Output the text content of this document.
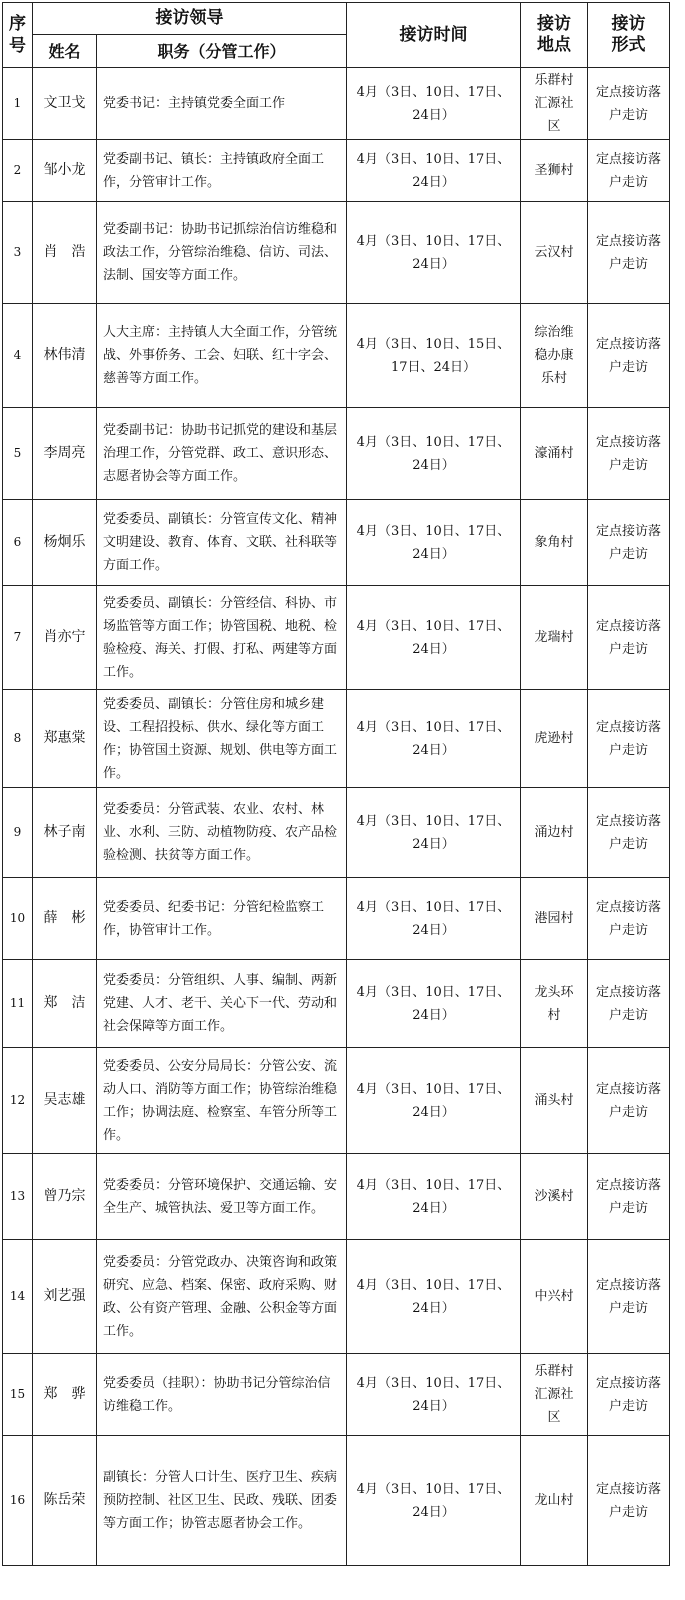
序号	接访领导		接访时间	接访地点	接访形式
	姓名	职务（分管工作）			
1	文卫戈	党委书记：主持镇党委全面工作	4月（3日、10日、17日、24日）	乐群村汇源社区	定点接访落户走访
2	邹小龙	党委副书记、镇长：主持镇政府全面工作，分管审计工作。	4月（3日、10日、17日、24日）	圣狮村	定点接访落户走访
3	肖　浩	党委副书记：协助书记抓综治信访维稳和政法工作，分管综治维稳、信访、司法、法制、国安等方面工作。	4月（3日、10日、17日、24日）	云汉村	定点接访落户走访
4	林伟清	人大主席：主持镇人大全面工作，分管统战、外事侨务、工会、妇联、红十字会、慈善等方面工作。	4月（3日、10日、15日、17日、24日）	综治维稳办康乐村	定点接访落户走访
5	李周亮	党委副书记：协助书记抓党的建设和基层治理工作，分管党群、政工、意识形态、志愿者协会等方面工作。	4月（3日、10日、17日、24日）	濠涌村	定点接访落户走访
6	杨炯乐	党委委员、副镇长：分管宣传文化、精神文明建设、教育、体育、文联、社科联等方面工作。	4月（3日、10日、17日、24日）	象角村	定点接访落户走访
7	肖亦宁	党委委员、副镇长：分管经信、科协、市场监管等方面工作；协管国税、地税、检验检疫、海关、打假、打私、两建等方面工作。	4月（3日、10日、17日、24日）	龙瑞村	定点接访落户走访
8	郑惠棠	党委委员、副镇长：分管住房和城乡建设、工程招投标、供水、绿化等方面工作；协管国土资源、规划、供电等方面工作。	4月（3日、10日、17日、24日）	虎逊村	定点接访落户走访
9	林子南	党委委员：分管武装、农业、农村、林业、水利、三防、动植物防疫、农产品检验检测、扶贫等方面工作。	4月（3日、10日、17日、24日）	涌边村	定点接访落户走访
10	薛　彬	党委委员、纪委书记：分管纪检监察工作，协管审计工作。	4月（3日、10日、17日、24日）	港园村	定点接访落户走访
11	郑　洁	党委委员：分管组织、人事、编制、两新党建、人才、老干、关心下一代、劳动和社会保障等方面工作。	4月（3日、10日、17日、24日）	龙头环村	定点接访落户走访
12	吴志雄	党委委员、公安分局局长：分管公安、流动人口、消防等方面工作；协管综治维稳工作；协调法庭、检察室、车管分所等工作。	4月（3日、10日、17日、24日）	涌头村	定点接访落户走访
13	曾乃宗	党委委员：分管环境保护、交通运输、安全生产、城管执法、爱卫等方面工作。	4月（3日、10日、17日、24日）	沙溪村	定点接访落户走访
14	刘艺强	党委委员：分管党政办、决策咨询和政策研究、应急、档案、保密、政府采购、财政、公有资产管理、金融、公积金等方面工作。	4月（3日、10日、17日、24日）	中兴村	定点接访落户走访
15	郑　骅	党委委员（挂职）：协助书记分管综治信访维稳工作。	4月（3日、10日、17日、24日）	乐群村汇源社区	定点接访落户走访
16	陈岳荣	副镇长：分管人口计生、医疗卫生、疾病预防控制、社区卫生、民政、残联、团委等方面工作；协管志愿者协会工作。	4月（3日、10日、17日、24日）	龙山村	定点接访落户走访
